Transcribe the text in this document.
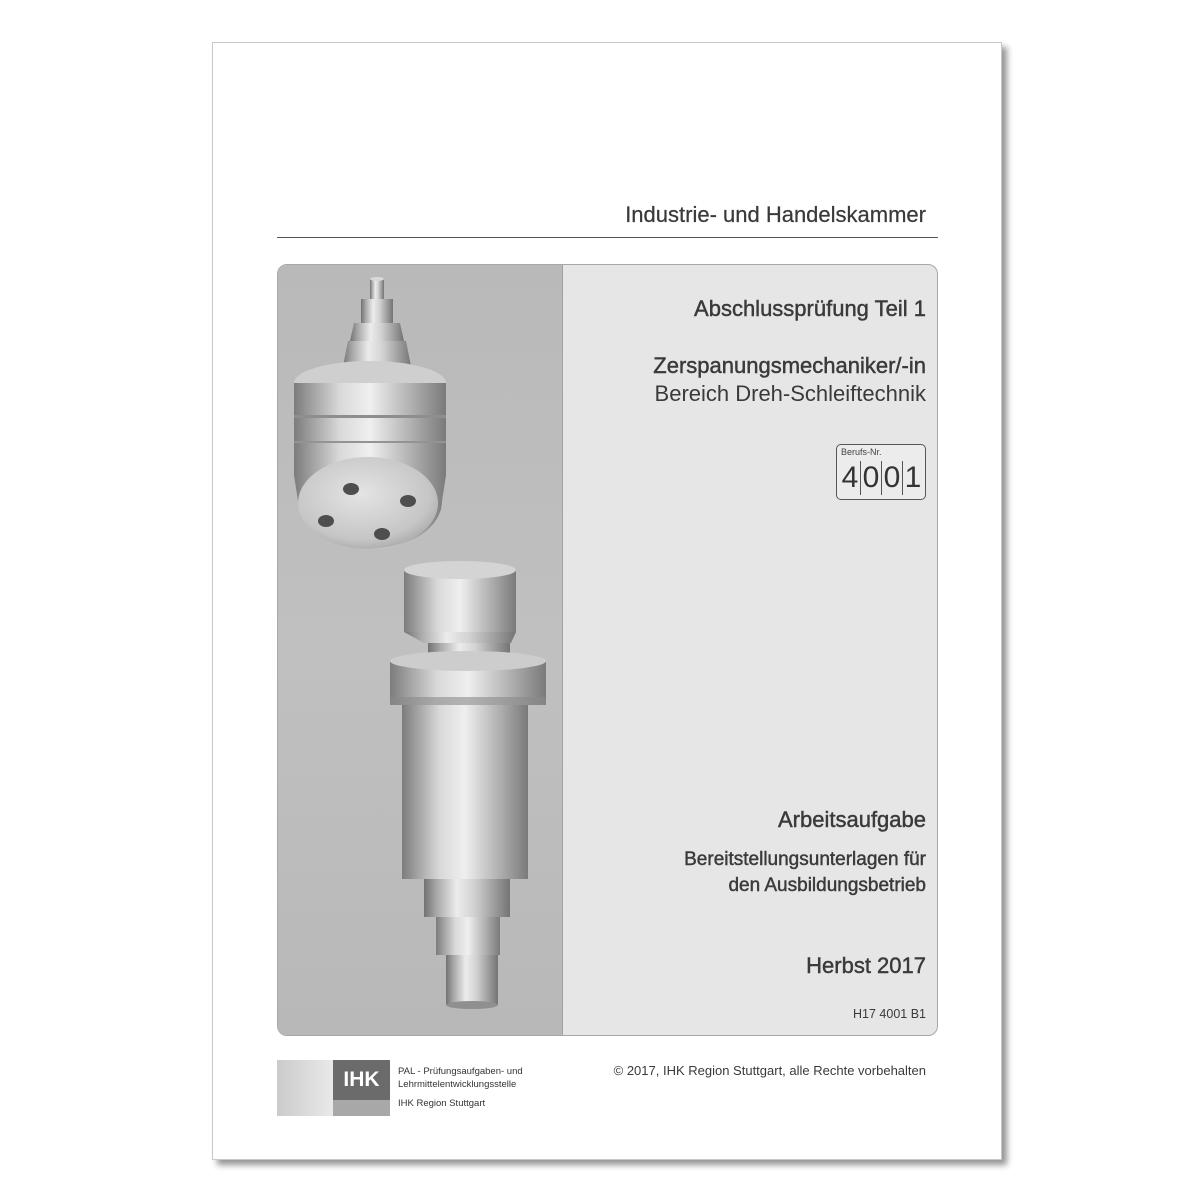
Industrie- und Handelskammer
Abschlussprüfung Teil 1
Zerspanungsmechaniker/-in
Bereich Dreh-Schleiftechnik
Berufs-Nr.
4 0 0 1
Arbeitsaufgabe
Bereitstellungsunterlagen für
den Ausbildungsbetrieb
Herbst 2017
H17 4001 B1
IHK	PAL - Prüfungsaufgaben- und
Lehrmittelentwicklungsstelle
IHK Region Stuttgart
© 2017, IHK Region Stuttgart, alle Rechte vorbehalten
